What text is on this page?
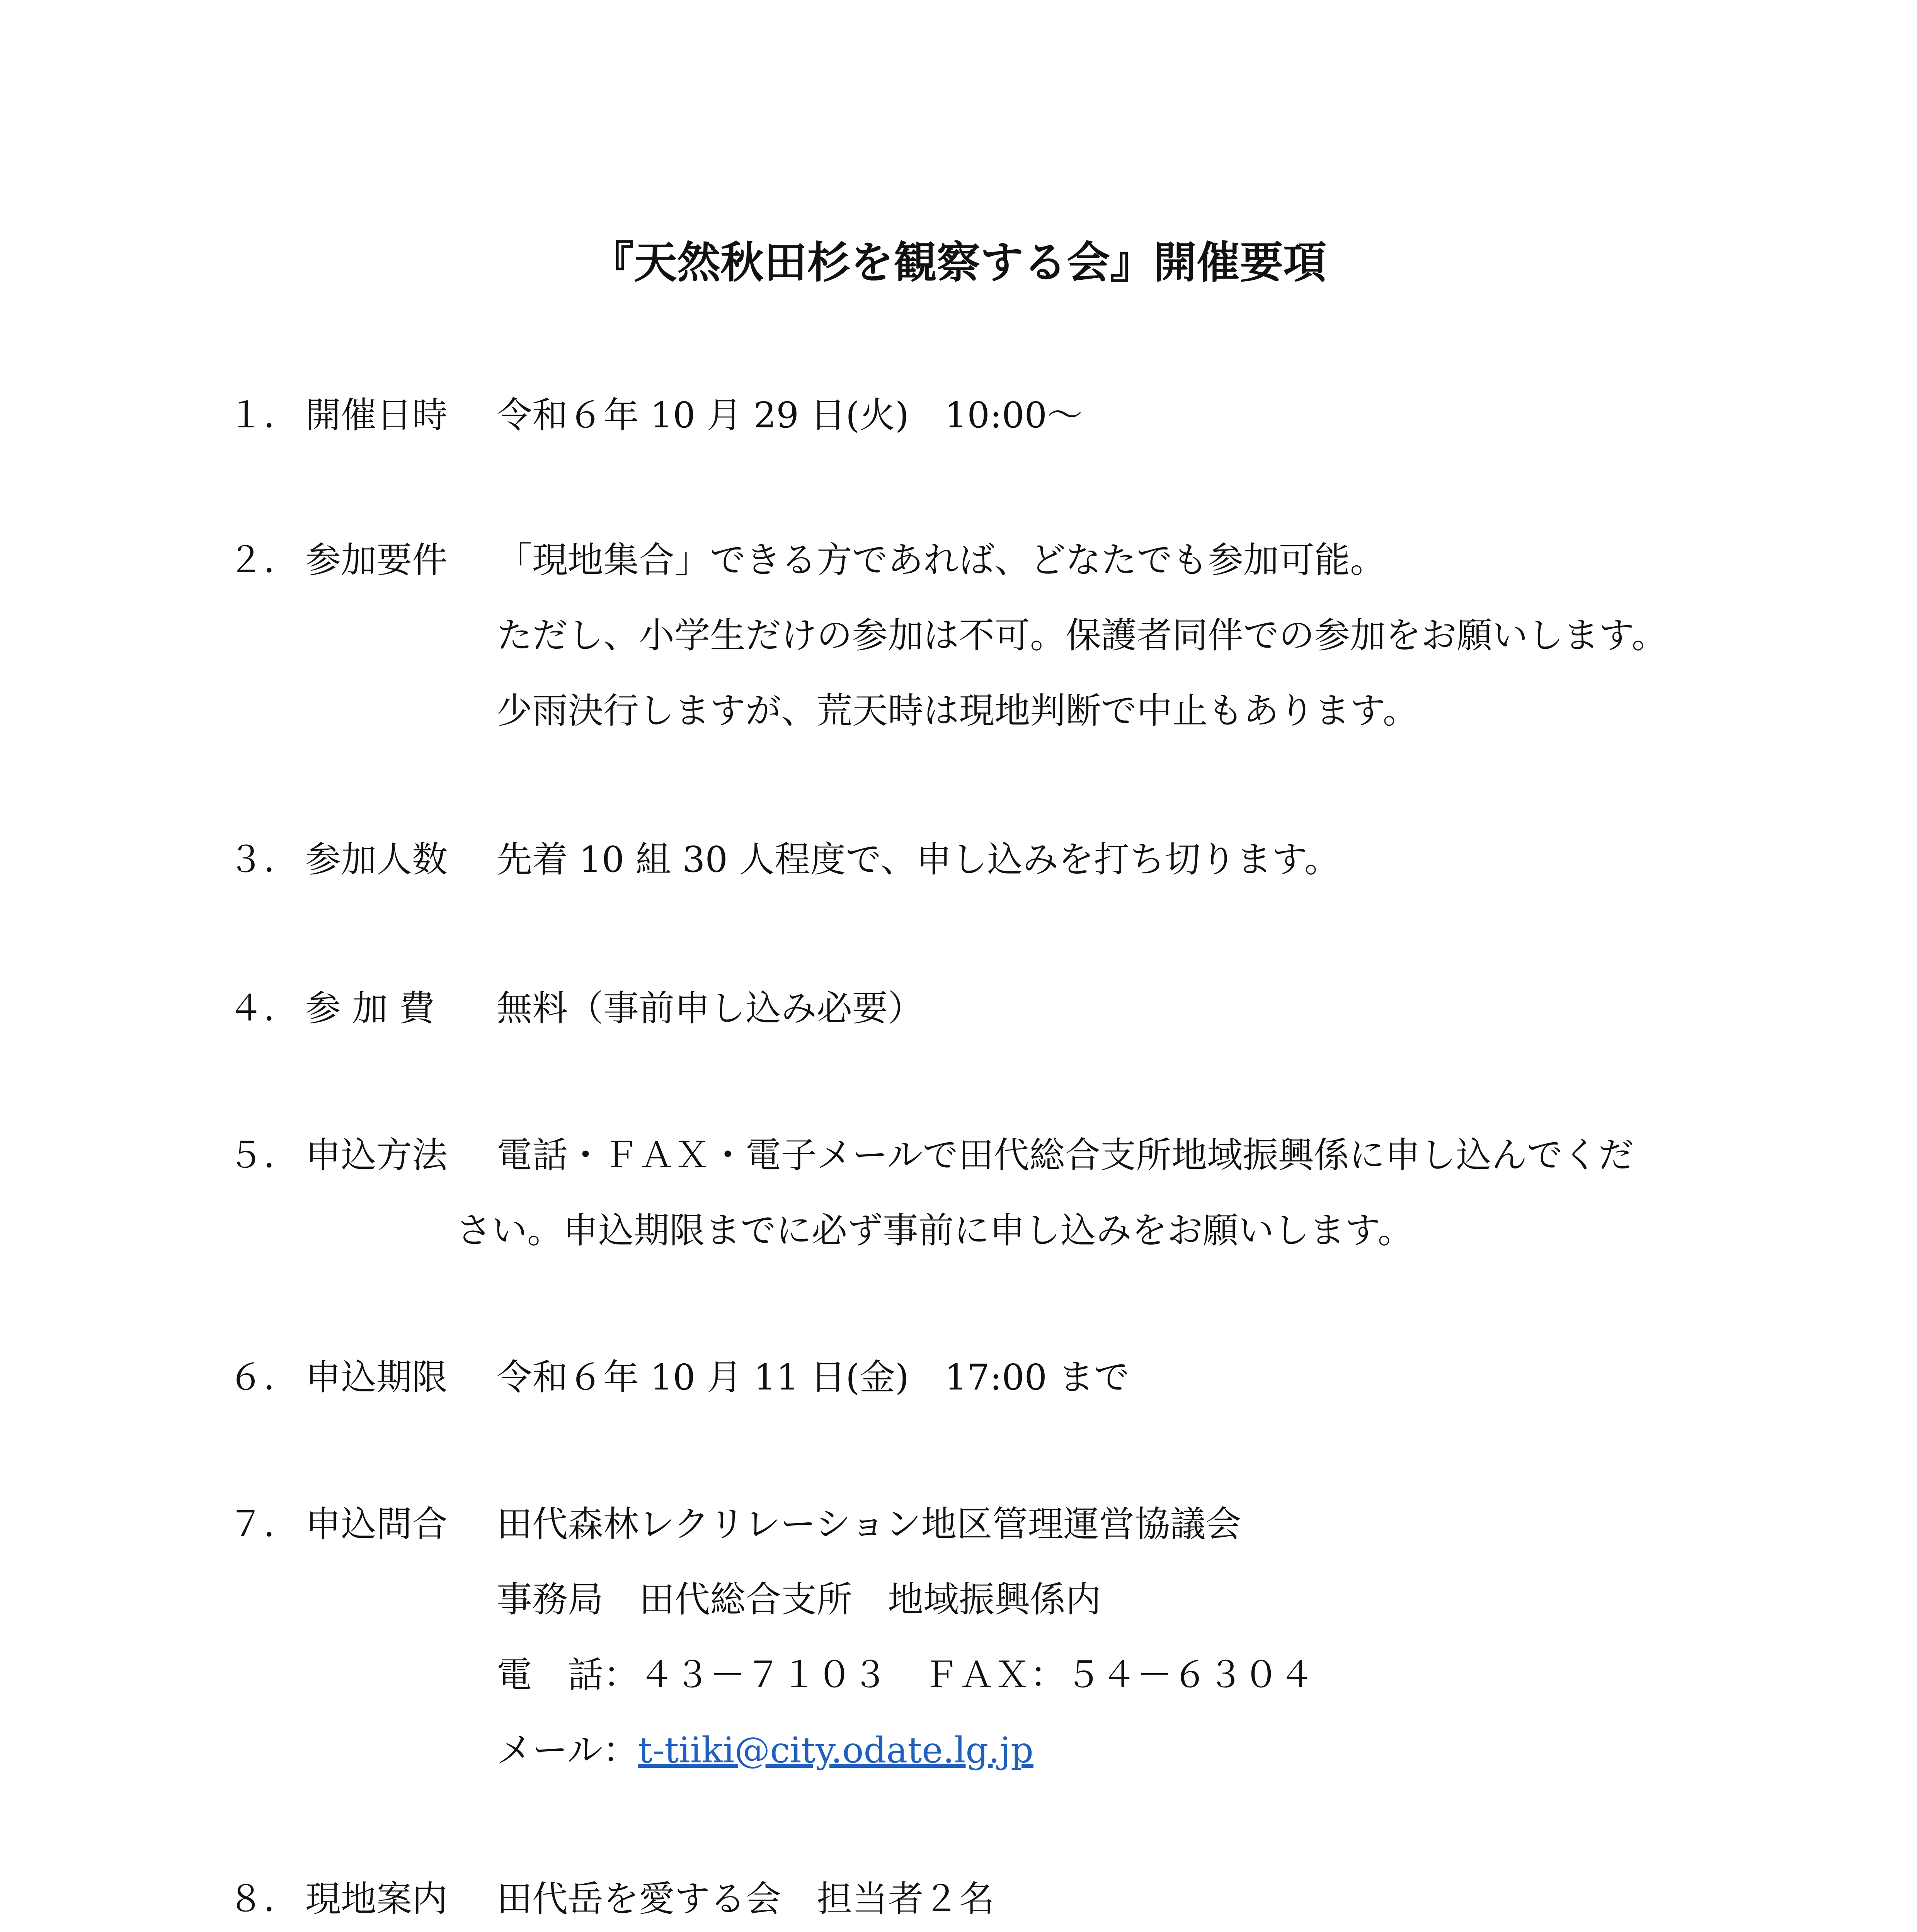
『天然秋田杉を観察する会』開催要項
１． 開催日時 令和６年 10 月 29 日(火)　10:00～
２． 参加要件 「現地集合」できる方であれば、どなたでも参加可能。
ただし、小学生だけの参加は不可。保護者同伴での参加をお願いします。
少雨決行しますが、荒天時は現地判断で中止もあります。
３． 参加人数 先着 10 組 30 人程度で、申し込みを打ち切ります。
４． 参 加 費 無料（事前申し込み必要）
５． 申込方法 電話・ＦＡＸ・電子メールで田代総合支所地域振興係に申し込んでくだ
さい。申込期限までに必ず事前に申し込みをお願いします。
６． 申込期限 令和６年 10 月 11 日(金)　17:00 まで
７． 申込問合 田代森林レクリレーション地区管理運営協議会
事務局　田代総合支所　地域振興係内
電　話：４３－７１０３　ＦＡＸ：５４－６３０４
メール：t-tiiki@city.odate.lg.jp
８． 現地案内 田代岳を愛する会　担当者２名
